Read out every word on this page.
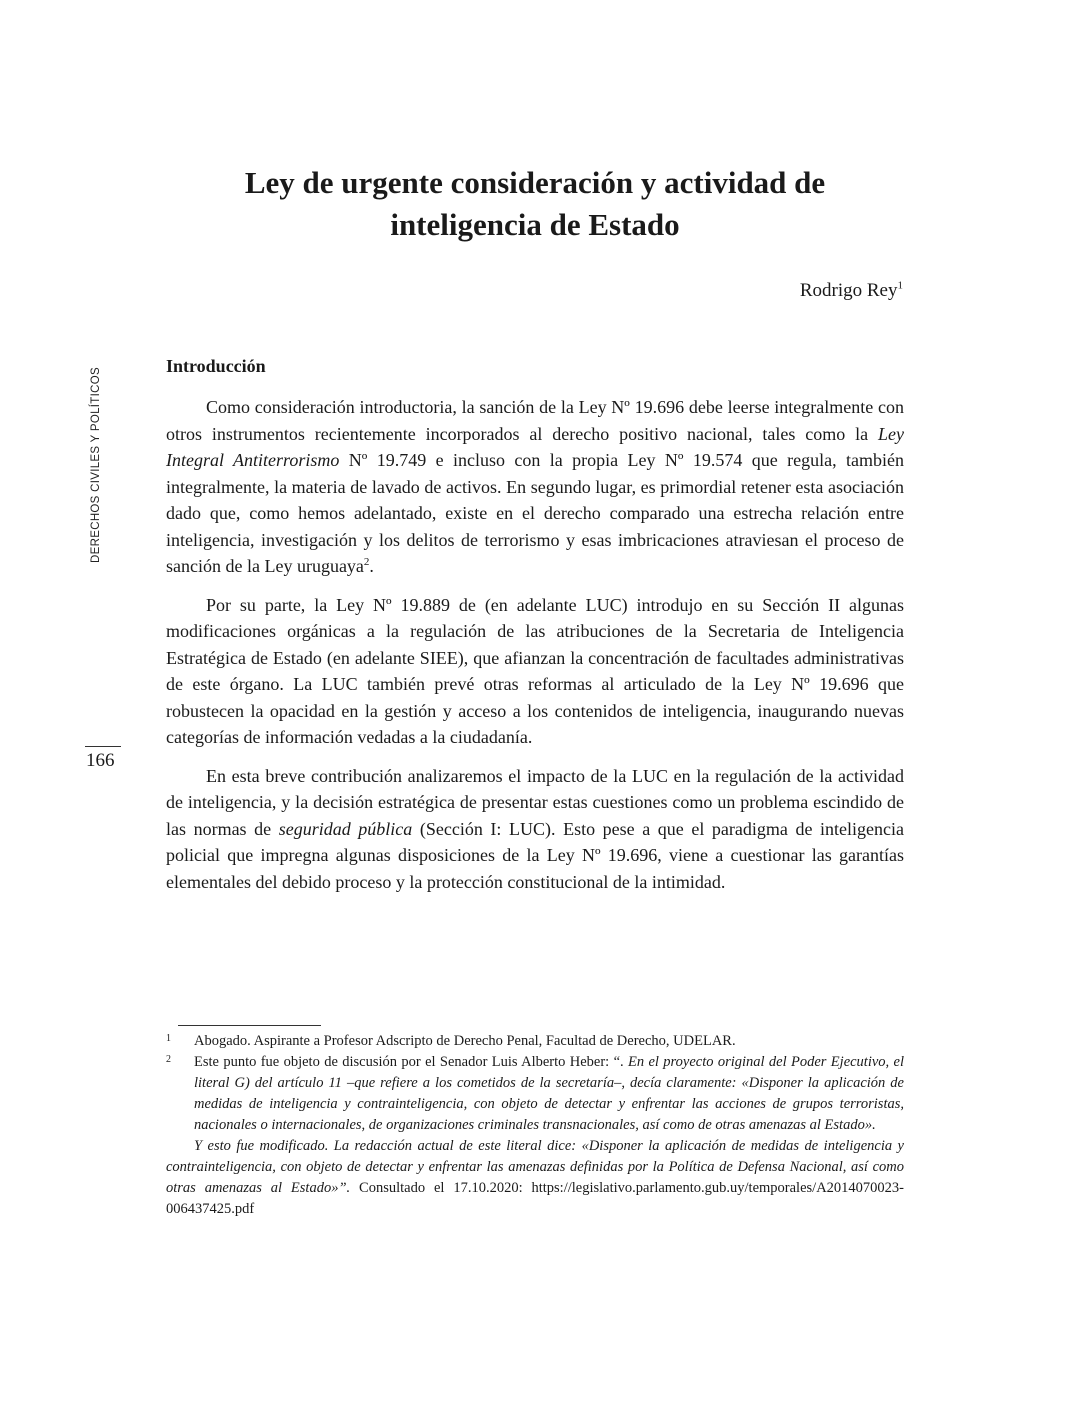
Ley de urgente consideración y actividad de
inteligencia de Estado
Rodrigo Rey$^1$
DERECHOS CIVILES Y POLÍTICOS
166
Introducción

Como consideración introductoria, la sanción de la Ley Nº 19.696 debe leerse integralmente con otros instrumentos recientemente incorporados al derecho positivo nacional, tales como la Ley Integral Antiterrorismo Nº 19.749 e incluso con la propia Ley Nº 19.574 que regula, también integralmente, la materia de lavado de activos. En segundo lugar, es primordial retener esta asociación dado que, como hemos adelantado, existe en el derecho comparado una estrecha relación entre inteligencia, investigación y los delitos de terrorismo y esas imbricaciones atraviesan el proceso de sanción de la Ley uruguaya$^2$.

Por su parte, la Ley Nº 19.889 de (en adelante LUC) introdujo en su Sección II algunas modificaciones orgánicas a la regulación de las atribuciones de la Secretaria de Inteligencia Estratégica de Estado (en adelante SIEE), que afianzan la concentración de facultades administrativas de este órgano. La LUC también prevé otras reformas al articulado de la Ley Nº 19.696 que robustecen la opacidad en la gestión y acceso a los contenidos de inteligencia, inaugurando nuevas categorías de información vedadas a la ciudadanía.

En esta breve contribución analizaremos el impacto de la LUC en la regulación de la actividad de inteligencia, y la decisión estratégica de presentar estas cuestiones como un problema escindido de las normas de seguridad pública (Sección I: LUC). Esto pese a que el paradigma de inteligencia policial que impregna algunas disposiciones de la Ley Nº 19.696, viene a cuestionar las garantías elementales del debido proceso y la protección constitucional de la intimidad.

1	Abogado. Aspirante a Profesor Adscripto de Derecho Penal, Facultad de Derecho, UDELAR.
2	Este punto fue objeto de discusión por el Senador Luis Alberto Heber: “. En el proyecto original del Poder Ejecutivo, el literal G) del artículo 11 –que refiere a los cometidos de la secretaría–, decía claramente: «Disponer la aplicación de medidas de inteligencia y contrainteligencia, con objeto de detectar y enfrentar las acciones de grupos terroristas, nacionales o internacionales, de organizaciones criminales transnacionales, así como de otras amenazas al Estado».

Y esto fue modificado. La redacción actual de este literal dice: «Disponer la aplicación de medidas de inteligencia y contrainteligencia, con objeto de detectar y enfrentar las amenazas definidas por la Política de Defensa Nacional, así como otras amenazas al Estado»”. Consultado el 17.10.2020: https://legislativo.parlamento.gub.uy/temporales/A2014070023-006437425.pdf
